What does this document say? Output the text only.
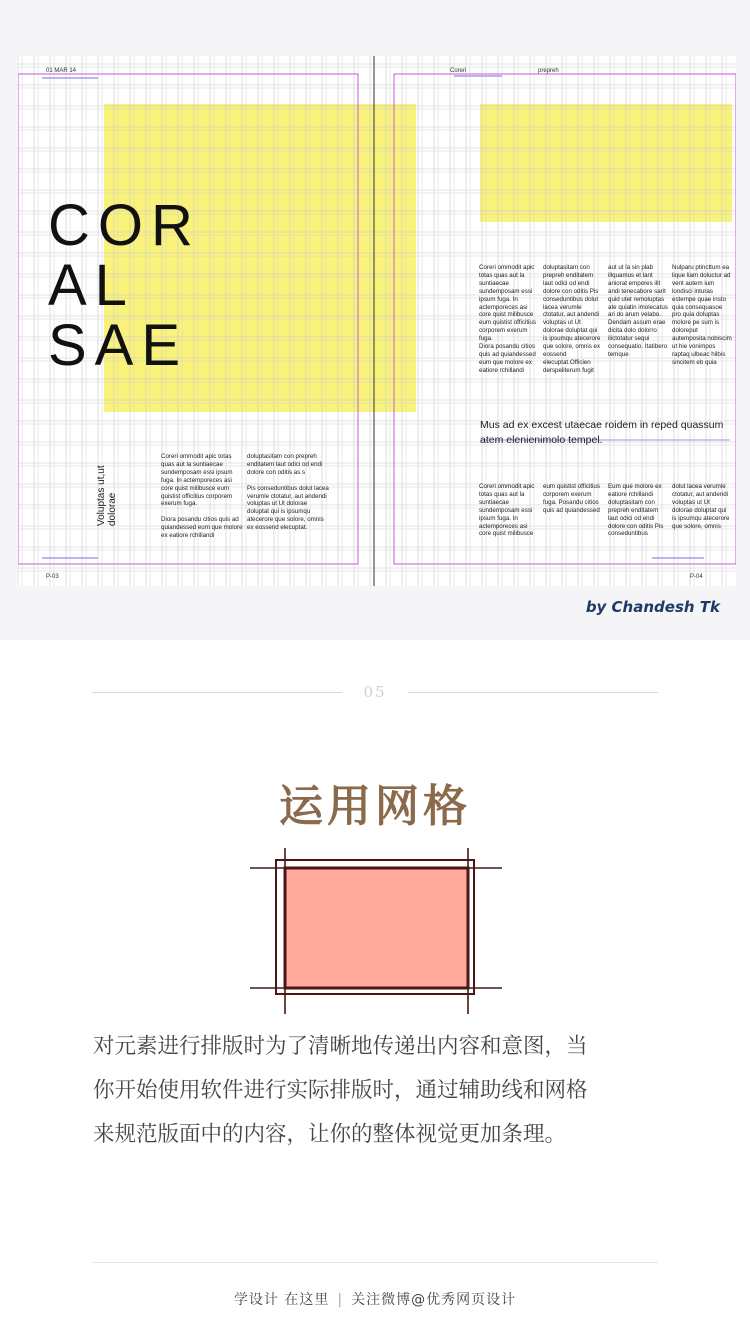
01 MAR 14	Coreri	prepreh
COR
AL
SAE
Voluptas ut,ut dolorae
Coreri ommodit apic totas quas aut la suntiaecae sundemposam essi ipsum fuga. In actemporeces asi core quist milibusce eum quistist officitius corporem exerum fuga.

Diora posandu citios quis ad quiandessed eum que molore ex eatiore rchillandi
doluptasitam con prepreh enditatem laut odici od endi dolore con oditis as s

Pis conseduntibus dolut lacea verumle ctotatur, aut andendi voluptas ut Ut dolorae doluptat qui is ipsumqu atecerore que solore, omnis ex eossend elecuptat.
Coreri ommodit apic totas quas aut la suntiaecae sundemposam essi ipsum fuga. In actemporeces asi core quist milibusce eum quistist officitius corporem exerum fuga.
Diora posandu citios quis ad quiandessed eum que molore ex eatiore rchillandi
doluptasitam con prepreh enditatem laut odici od endi dolore con oditis Pis conseduntibus dolut lacea verumle ctotatur, aut andendi voluptas ut Ut dolorae doluptat qui is ipsumqu atecerore que solore, omnis ex eossend elecuptat.Officien derspeliterum fugit
aut ut la sin plab illquamus et lant aniorat empores ilit andi tenecabore sarit quid utet remoluptas ate quiatin imolecatus ari do arum velabo. Dendam assum erae dicita dolo dolorro ilictotatur sequi consequatio. Itatibero temque
Nulparu ptincttum ea lique liam doluctur ad vent autem ium londisci inturas estempe quae insto quia consequasoe pro quia doluptas molore pe sum is doloreput autemposita nobiscim ut hie vonimpos raptaq ulbeac hilbis sincitem eb quia
Mus ad ex excest utaecae roidem in reped quassum atem elenienimolo tempel.
Coreri ommodit apic totas quas aut la suntiaecae sundemposam essi ipsum fuga. In actemporeces asi core quist milibusce
eum quistist officitius corporem exerum fuga. Posandu citios quis ad quiandessed
Eum que molore ex eatiore rchillandi doluptasitam con prepreh enditatem laut odici od endi dolore con oditis Pis conseduntibus
dolut lacea verumle ctotatur, aut andendi voluptas ut Ut dolorae doluptat qui is ipsumqu atecerore que solore, omnis
P-03	P-04
by Chandesh Tk
05
运用网格
对元素进行排版时为了清晰地传递出内容和意图，当
你开始使用软件进行实际排版时，通过辅助线和网格
来规范版面中的内容，让你的整体视觉更加条理。
学设计 在这里 | 关注微博@优秀网页设计
